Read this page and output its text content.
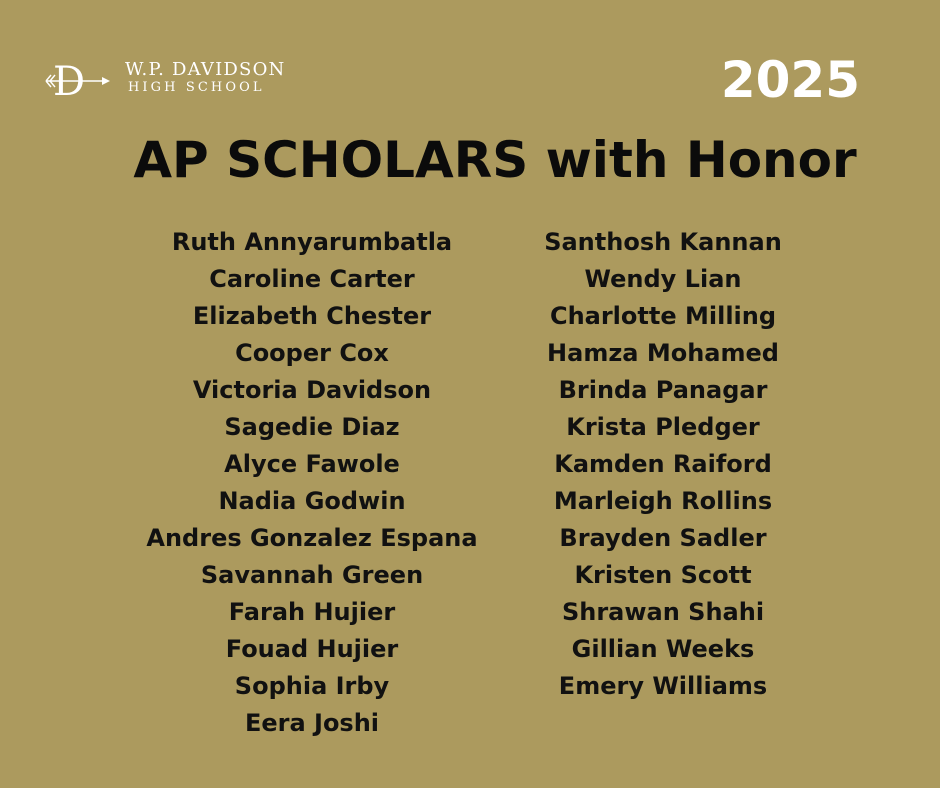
D W.P. DAVIDSON
HIGH SCHOOL	2025
AP SCHOLARS with Honor
Ruth Annyarumbatla
Caroline Carter
Elizabeth Chester
Cooper Cox
Victoria Davidson
Sagedie Diaz
Alyce Fawole
Nadia Godwin
Andres Gonzalez Espana
Savannah Green
Farah Hujier
Fouad Hujier
Sophia Irby
Eera Joshi
Santhosh Kannan
Wendy Lian
Charlotte Milling
Hamza Mohamed
Brinda Panagar
Krista Pledger
Kamden Raiford
Marleigh Rollins
Brayden Sadler
Kristen Scott
Shrawan Shahi
Gillian Weeks
Emery Williams
